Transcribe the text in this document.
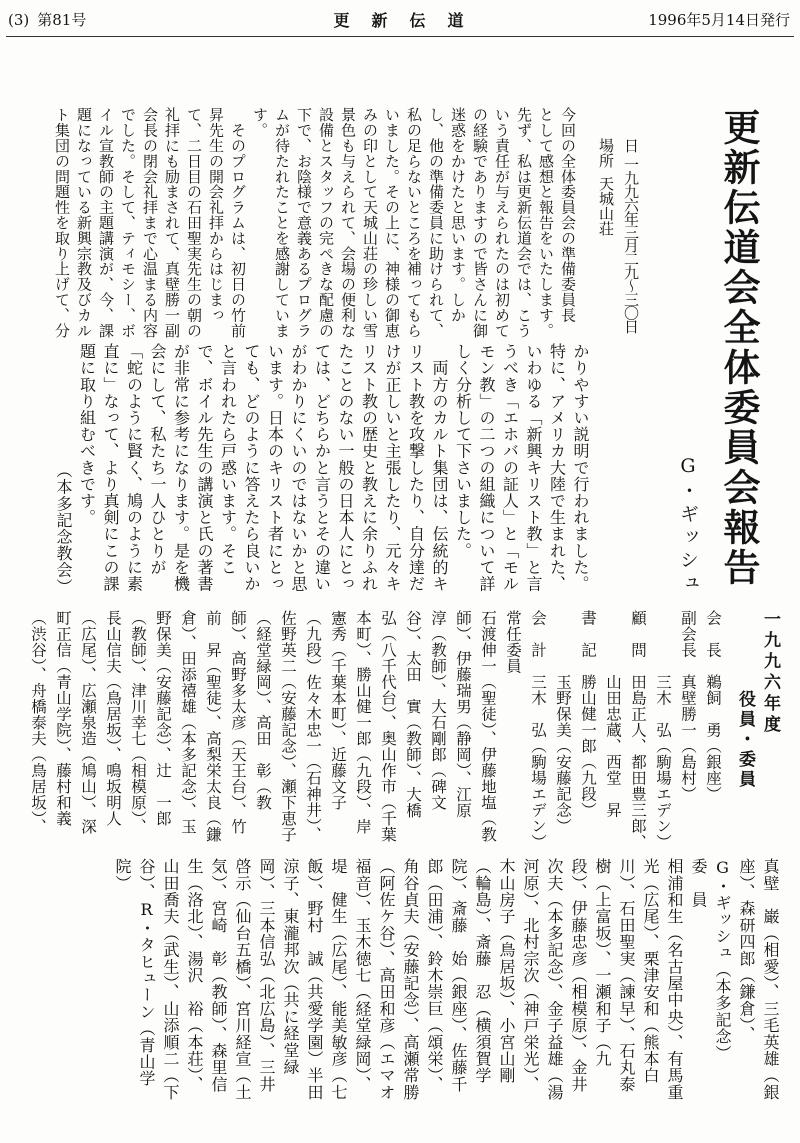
(3) 第81号	更　新　伝　道	1996年5月14日発行
更新伝道会全体委員会報告
日一九九六年三月二九〜三〇日
場所天城山荘
今回の全体委員会の準備委員長
として感想と報告をいたします。
先ず、私は更新伝道会では、こう
いう責任が与えられたのは初めて
の経験でありますので皆さんに御
迷惑をかけたと思います。しか
し、他の準備委員に助けられて、
私の足らないところを補ってもら
いました。その上に、神様の御恵
みの印として天城山荘の珍しい雪
景色も与えられて、会場の便利な
設備とスタッフの完ぺきな配慮の
下で、お陰様で意義あるプログラ
ムが待たれたことを感謝していま
す。
　そのプログラムは、初日の竹前
昇先生の開会礼拝からはじまっ
て、二日目の石田聖実先生の朝の
礼拝にも励まされて、真壁勝一副
会長の閉会礼拝まで心温まる内容
でした。そして、ティモシー、ボ
イル宣教師の主題講演が、今、課
題になっている新興宗教及びカル
ト集団の問題性を取り上げて、分
G・ギッシュ
かりやすい説明で行われました。
特に、アメリカ大陸で生まれた、
いわゆる「新興キリスト教」と言
うべき「エホバの証人」と「モル
モン教」の二つの組織について詳
しく分析して下さいました。
　両方のカルト集団は、伝統的キ
リスト教を攻撃したり、自分達だ
けが正しいと主張したり、元々キ
リスト教の歴史と教えに余りふれ
たことのない一般の日本人にとっ
ては、どちらかと言うとその違い
がわかりにくいのではないかと思
います。日本のキリスト者にとっ
ても、どのように答えたら良いか
と言われたら戸惑います。そこ
で、ボイル先生の講演と氏の著書
が非常に参考になります。是を機
会にして、私たち一人ひとりが
「蛇のように賢く、鳩のように素
直に」なって、より真剣にこの課
題に取り組むべきです。
（本多記念教会）
一九九六年度
役員・委員
会　長鵜飼　勇（銀座）
副会長真壁勝一（島村）
三木　弘（駒場エデン）
顧　問田島正人、都田豊三郎、
山田忠蔵、西堂　昇
書　記勝山健一郎（九段）
玉野保美（安藤記念）
会　計三木　弘（駒場エデン）
常任委員
石渡伸一（聖徒）、伊藤地塩（教
師）、伊藤瑞男（静岡）、江原
淳（教師）、大石剛郎（碑文
谷）、太田　實（教師）、大橋
弘（八千代台）、奥山作市（千葉
本町）、勝山健一郎（九段）、岸
憲秀（千葉本町）、近藤文子
（九段）佐々木忠一（石神井）、
佐野英二（安藤記念）、瀬下恵子
（経堂緑岡）、高田　彰（教
師）、高野多太彦（天王台）、竹
前　昇（聖徒）、高梨栄太良（鎌
倉）、田添禧雄（本多記念）、玉
野保美（安藤記念）、辻　一郎
（教師）、津川幸七（相模原）、
長山信夫（鳥居坂）、鳴坂明人
（広尾）、広瀬泉造（鳩山）、深
町正信（青山学院）、藤村和義
（渋谷）、舟橋泰夫（鳥居坂）、
真壁　巌（相愛）、三毛英雄（銀
座）、森研四郎（鎌倉）、
G・ギッシュ（本多記念）
委　員
相浦和生（名古屋中央）、有馬重
光（広尾）、栗津安和（熊本白
川）、石田聖実（諫早）、石丸泰
樹（上富坂）、一瀬和子（九
段）、伊藤忠彦（相模原）、金井
次夫（本多記念）、金子益雄（湯
河原）、北村宗次（神戸栄光）、
木山房子（鳥居坂）、小宮山剛
（輪島）、斎藤　忍（横須賀学
院）、斎藤　始（銀座）、佐藤千
郎（田浦）、鈴木崇巨（頌栄）、
角谷貞夫（安藤記念）、高瀬常勝
（阿佐ケ谷）、高田和彦（エマオ
福音）、玉木徳七（経堂緑岡）、
堤　健生（広尾）、能美敏彦（七
飯）、野村　誠（共愛学園）半田
涼子、東瀧邦次（共に経堂緑
岡）、三本信弘（北広島）、三井
啓示（仙台五橋）、宮川経宣（土
気）、宮崎　彰（教師）、森里信
生（洛北）、湯沢　裕（本荘）、
山田喬夫（武生）、山添順二（下
谷）、R・タヒューン（青山学
院）
